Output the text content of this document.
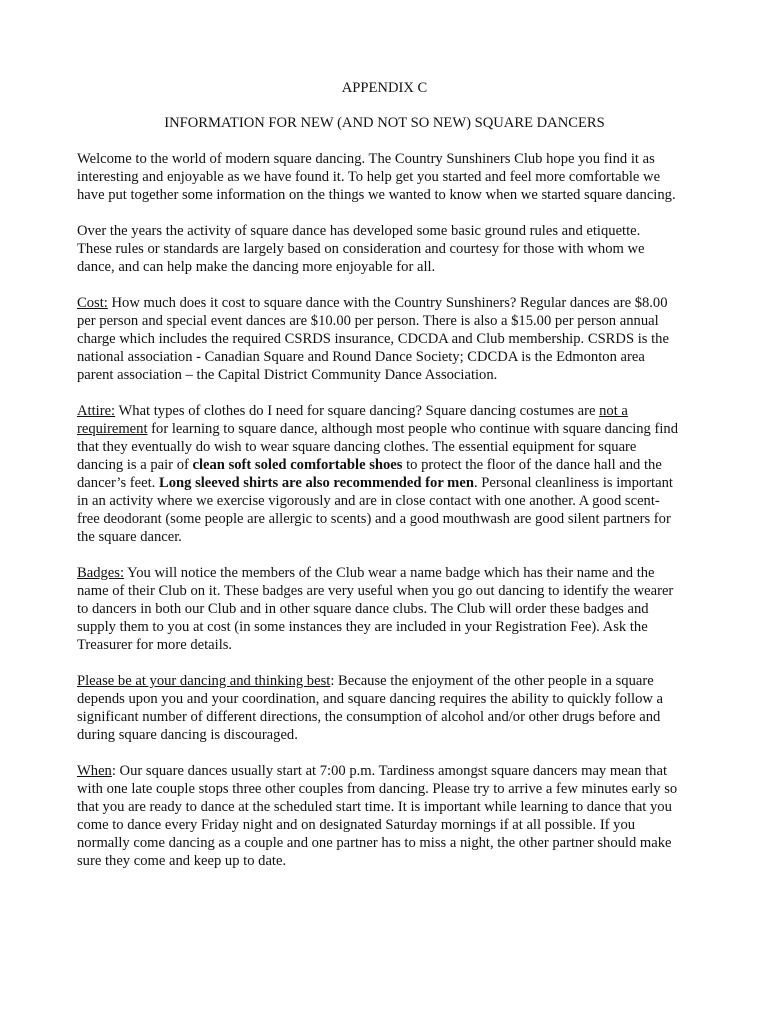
APPENDIX C
INFORMATION FOR NEW (AND NOT SO NEW) SQUARE DANCERS

Welcome to the world of modern square dancing. The Country Sunshiners Club hope you find it as interesting and enjoyable as we have found it. To help get you started and feel more comfortable we have put together some information on the things we wanted to know when we started square dancing.

Over the years the activity of square dance has developed some basic ground rules and etiquette. These rules or standards are largely based on consideration and courtesy for those with whom we dance, and can help make the dancing more enjoyable for all.

Cost: How much does it cost to square dance with the Country Sunshiners? Regular dances are $8.00 per person and special event dances are $10.00 per person. There is also a $15.00 per person annual charge which includes the required CSRDS insurance, CDCDA and Club membership. CSRDS is the national association - Canadian Square and Round Dance Society; CDCDA is the Edmonton area parent association – the Capital District Community Dance Association.

Attire: What types of clothes do I need for square dancing? Square dancing costumes are not a requirement for learning to square dance, although most people who continue with square dancing find that they eventually do wish to wear square dancing clothes. The essential equipment for square dancing is a pair of clean soft soled comfortable shoes to protect the floor of the dance hall and the dancer’s feet. Long sleeved shirts are also recommended for men. Personal cleanliness is important in an activity where we exercise vigorously and are in close contact with one another. A good scent-free deodorant (some people are allergic to scents) and a good mouthwash are good silent partners for the square dancer.

Badges: You will notice the members of the Club wear a name badge which has their name and the name of their Club on it. These badges are very useful when you go out dancing to identify the wearer to dancers in both our Club and in other square dance clubs. The Club will order these badges and supply them to you at cost (in some instances they are included in your Registration Fee). Ask the Treasurer for more details.

Please be at your dancing and thinking best: Because the enjoyment of the other people in a square depends upon you and your coordination, and square dancing requires the ability to quickly follow a significant number of different directions, the consumption of alcohol and/or other drugs before and during square dancing is discouraged.

When: Our square dances usually start at 7:00 p.m. Tardiness amongst square dancers may mean that with one late couple stops three other couples from dancing. Please try to arrive a few minutes early so that you are ready to dance at the scheduled start time. It is important while learning to dance that you come to dance every Friday night and on designated Saturday mornings if at all possible. If you normally come dancing as a couple and one partner has to miss a night, the other partner should make sure they come and keep up to date.
